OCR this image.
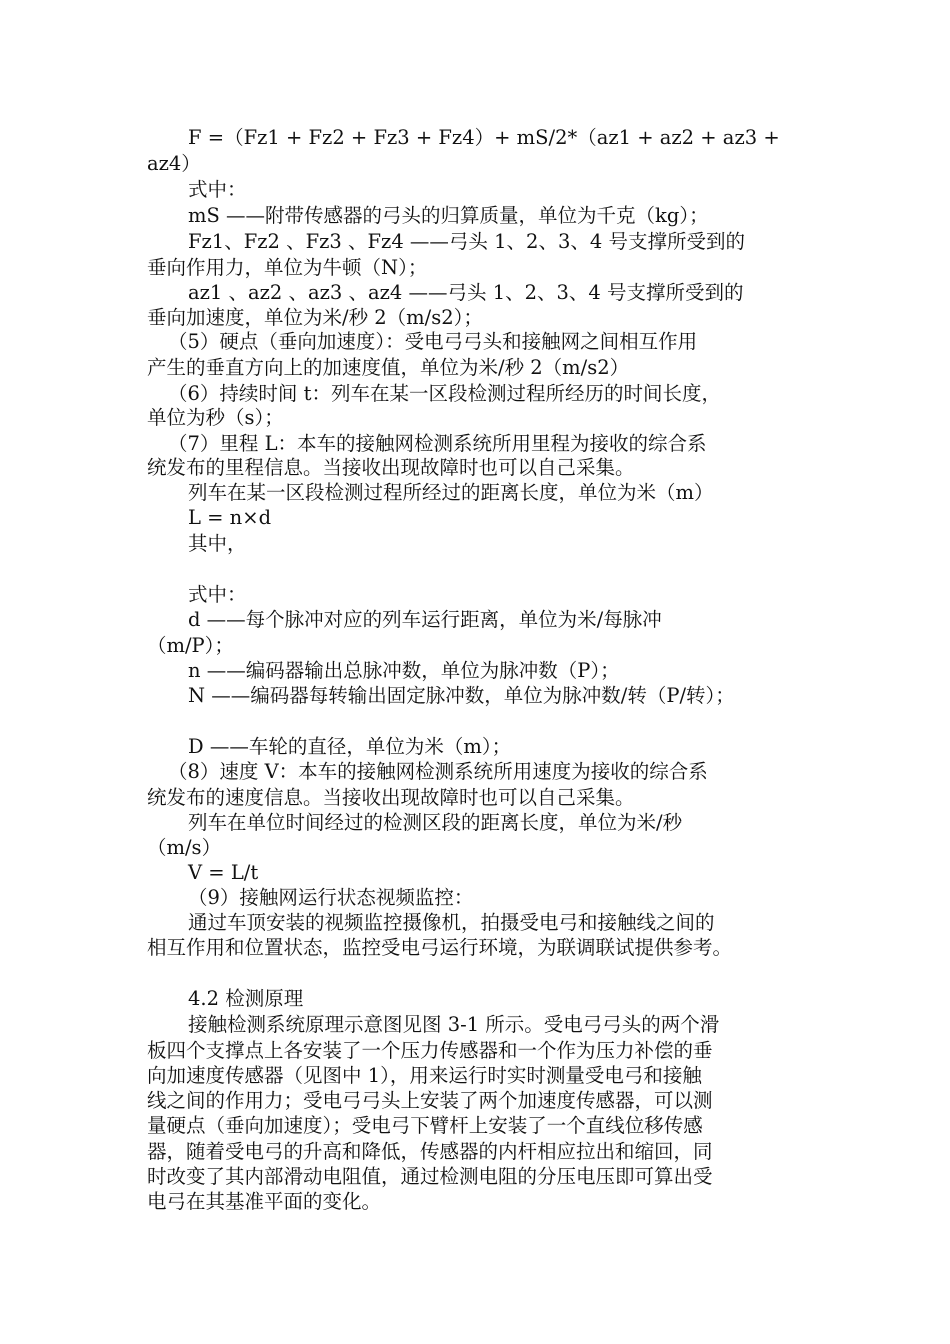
F =（Fz1 + Fz2 + Fz3 + Fz4）+ mS/2*（az1 + az2 + az3 +
az4）
式中：
mS ——附带传感器的弓头的归算质量，单位为千克（kg）；
Fz1、Fz2 、Fz3 、Fz4 ——弓头 1、2、3、4 号支撑所受到的
垂向作用力，单位为牛顿（N）；
az1 、az2 、az3 、az4 ——弓头 1、2、3、4 号支撑所受到的
垂向加速度，单位为米/秒 2（m/s2）；
（5）硬点（垂向加速度）：受电弓弓头和接触网之间相互作用
产生的垂直方向上的加速度值，单位为米/秒 2（m/s2）
（6）持续时间 t：列车在某一区段检测过程所经历的时间长度，
单位为秒（s）；
（7）里程 L：本车的接触网检测系统所用里程为接收的综合系
统发布的里程信息。当接收出现故障时也可以自己采集。
列车在某一区段检测过程所经过的距离长度，单位为米（m）
L = n×d
其中，
式中：
d ——每个脉冲对应的列车运行距离，单位为米/每脉冲
（m/P）；
n ——编码器输出总脉冲数，单位为脉冲数（P）；
N ——编码器每转输出固定脉冲数，单位为脉冲数/转（P/转）；
D ——车轮的直径，单位为米（m）；
（8）速度 V：本车的接触网检测系统所用速度为接收的综合系
统发布的速度信息。当接收出现故障时也可以自己采集。
列车在单位时间经过的检测区段的距离长度，单位为米/秒
（m/s）
V = L/t
（9）接触网运行状态视频监控：
通过车顶安装的视频监控摄像机，拍摄受电弓和接触线之间的
相互作用和位置状态，监控受电弓运行环境，为联调联试提供参考。
4.2 检测原理
接触检测系统原理示意图见图 3-1 所示。受电弓弓头的两个滑
板四个支撑点上各安装了一个压力传感器和一个作为压力补偿的垂
向加速度传感器（见图中 1），用来运行时实时测量受电弓和接触
线之间的作用力；受电弓弓头上安装了两个加速度传感器，可以测
量硬点（垂向加速度）；受电弓下臂杆上安装了一个直线位移传感
器，随着受电弓的升高和降低，传感器的内杆相应拉出和缩回，同
时改变了其内部滑动电阻值，通过检测电阻的分压电压即可算出受
电弓在其基准平面的变化。
